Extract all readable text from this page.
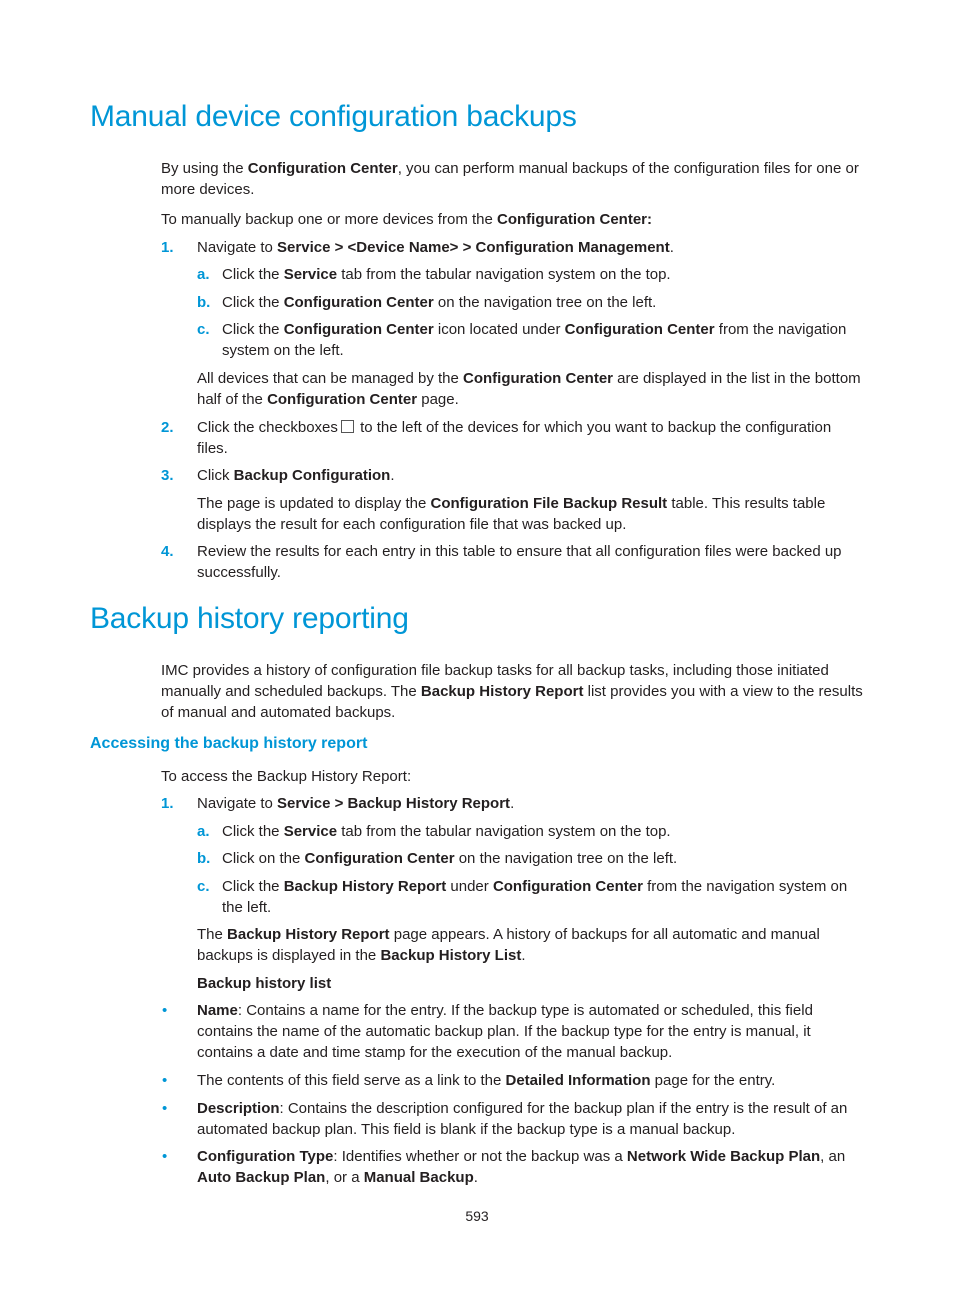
Manual device configuration backups
By using the Configuration Center, you can perform manual backups of the configuration files for one or more devices.
To manually backup one or more devices from the Configuration Center:
1. Navigate to Service > <Device Name> > Configuration Management.
a. Click the Service tab from the tabular navigation system on the top.
b. Click the Configuration Center on the navigation tree on the left.
c. Click the Configuration Center icon located under Configuration Center from the navigation system on the left.
All devices that can be managed by the Configuration Center are displayed in the list in the bottom half of the Configuration Center page.
2. Click the checkboxes to the left of the devices for which you want to backup the configuration files.
3. Click Backup Configuration.
The page is updated to display the Configuration File Backup Result table. This results table displays the result for each configuration file that was backed up.
4. Review the results for each entry in this table to ensure that all configuration files were backed up successfully.
Backup history reporting
IMC provides a history of configuration file backup tasks for all backup tasks, including those initiated manually and scheduled backups. The Backup History Report list provides you with a view to the results of manual and automated backups.
Accessing the backup history report
To access the Backup History Report:
1. Navigate to Service > Backup History Report.
a. Click the Service tab from the tabular navigation system on the top.
b. Click on the Configuration Center on the navigation tree on the left.
c. Click the Backup History Report under Configuration Center from the navigation system on the left.
The Backup History Report page appears. A history of backups for all automatic and manual backups is displayed in the Backup History List.
Backup history list
• Name: Contains a name for the entry. If the backup type is automated or scheduled, this field contains the name of the automatic backup plan. If the backup type for the entry is manual, it contains a date and time stamp for the execution of the manual backup.
• The contents of this field serve as a link to the Detailed Information page for the entry.
• Description: Contains the description configured for the backup plan if the entry is the result of an automated backup plan. This field is blank if the backup type is a manual backup.
• Configuration Type: Identifies whether or not the backup was a Network Wide Backup Plan, an Auto Backup Plan, or a Manual Backup.
593
